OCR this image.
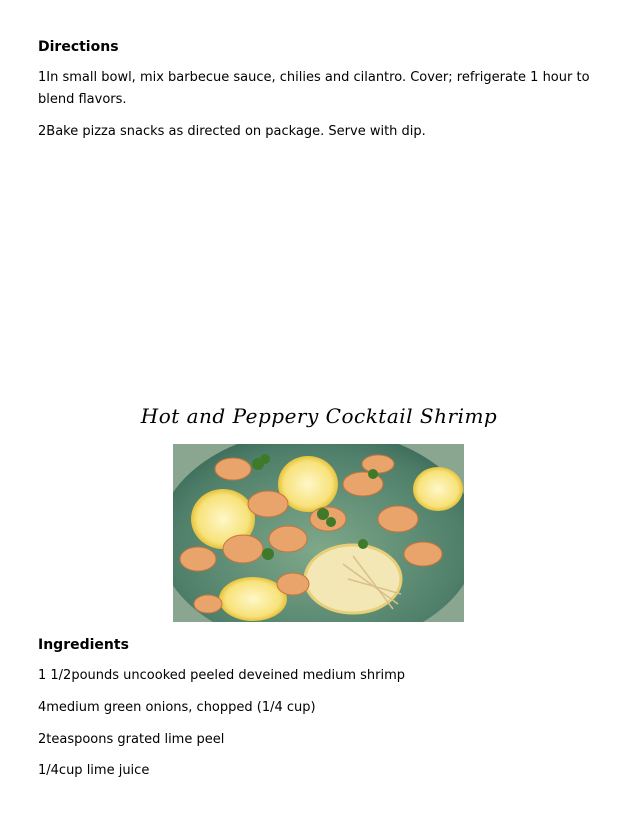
Directions
1In small bowl, mix barbecue sauce, chilies and cilantro. Cover; refrigerate 1 hour to blend flavors.
2Bake pizza snacks as directed on package. Serve with dip.
Hot and Peppery Cocktail Shrimp
Ingredients
1 1/2pounds uncooked peeled deveined medium shrimp
4medium green onions, chopped (1/4 cup)
2teaspoons grated lime peel
1/4cup lime juice
